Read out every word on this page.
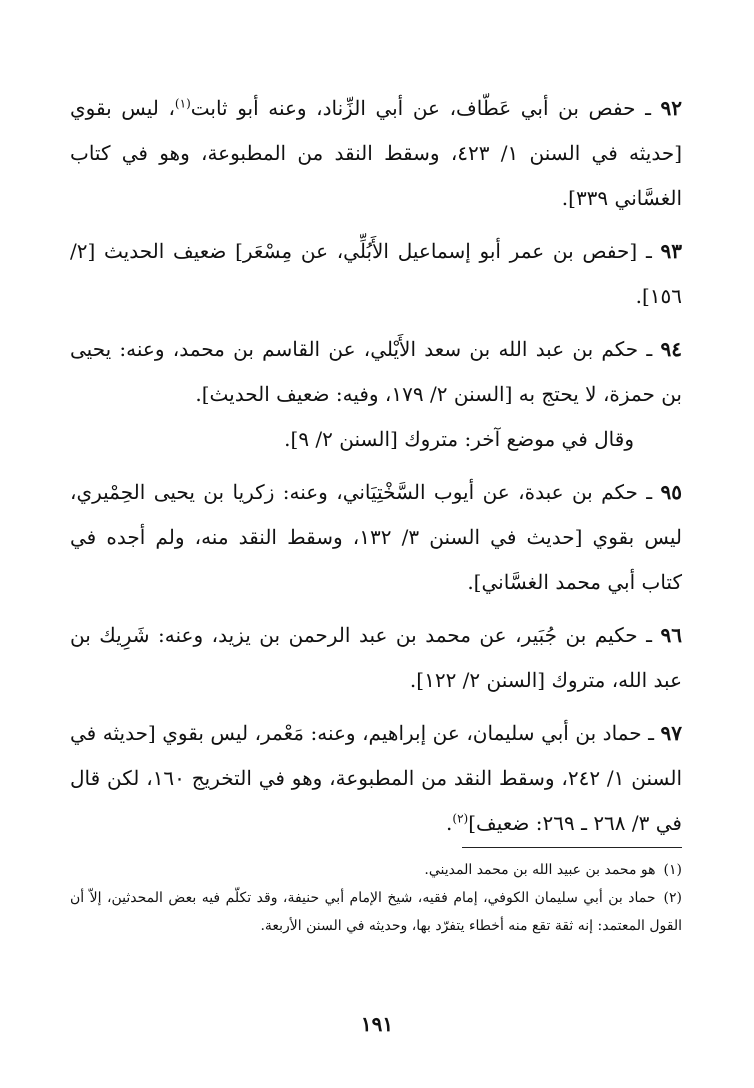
٩٢ ـ حفص بن أبي عَطّاف، عن أبي الزِّناد، وعنه أبو ثابت$^{(١)}$، ليس بقوي [حديثه في السنن ١/ ٤٢٣، وسقط النقد من المطبوعة، وهو في كتاب الغسَّاني ٣٣٩].

٩٣ ـ [حفص بن عمر أبو إسماعيل الأَبُلِّي، عن مِسْعَر] ضعيف الحديث [٢/ ١٥٦].

٩٤ ـ حكم بن عبد الله بن سعد الأَيْلي، عن القاسم بن محمد، وعنه: يحيى بن حمزة، لا يحتج به [السنن ٢/ ١٧٩، وفيه: ضعيف الحديث].
وقال في موضع آخر: متروك [السنن ٢/ ٩].

٩٥ ـ حكم بن عبدة، عن أيوب السَّخْتِيَاني، وعنه: زكريا بن يحيى الحِمْيري، ليس بقوي [حديث في السنن ٣/ ١٣٢، وسقط النقد منه، ولم أجده في كتاب أبي محمد الغسَّاني].

٩٦ ـ حكيم بن جُبَير، عن محمد بن عبد الرحمن بن يزيد، وعنه: شَرِيك بن عبد الله، متروك [السنن ٢/ ١٢٢].

٩٧ ـ حماد بن أبي سليمان، عن إبراهيم، وعنه: مَعْمر، ليس بقوي [حديثه في السنن ١/ ٢٤٢، وسقط النقد من المطبوعة، وهو في التخريج ١٦٠، لكن قال في ٣/ ٢٦٨ ـ ٢٦٩: ضعيف]$^{(٢)}$.

(١)هو محمد بن عبيد الله بن محمد المديني.

(٢)حماد بن أبي سليمان الكوفي، إمام فقيه، شيخ الإمام أبي حنيفة، وقد تكلّم فيه بعض المحدثين، إلاّ أن القول المعتمد: إنه ثقة تقع منه أخطاء يتفرّد بها، وحديثه في السنن الأربعة.

١٩١
